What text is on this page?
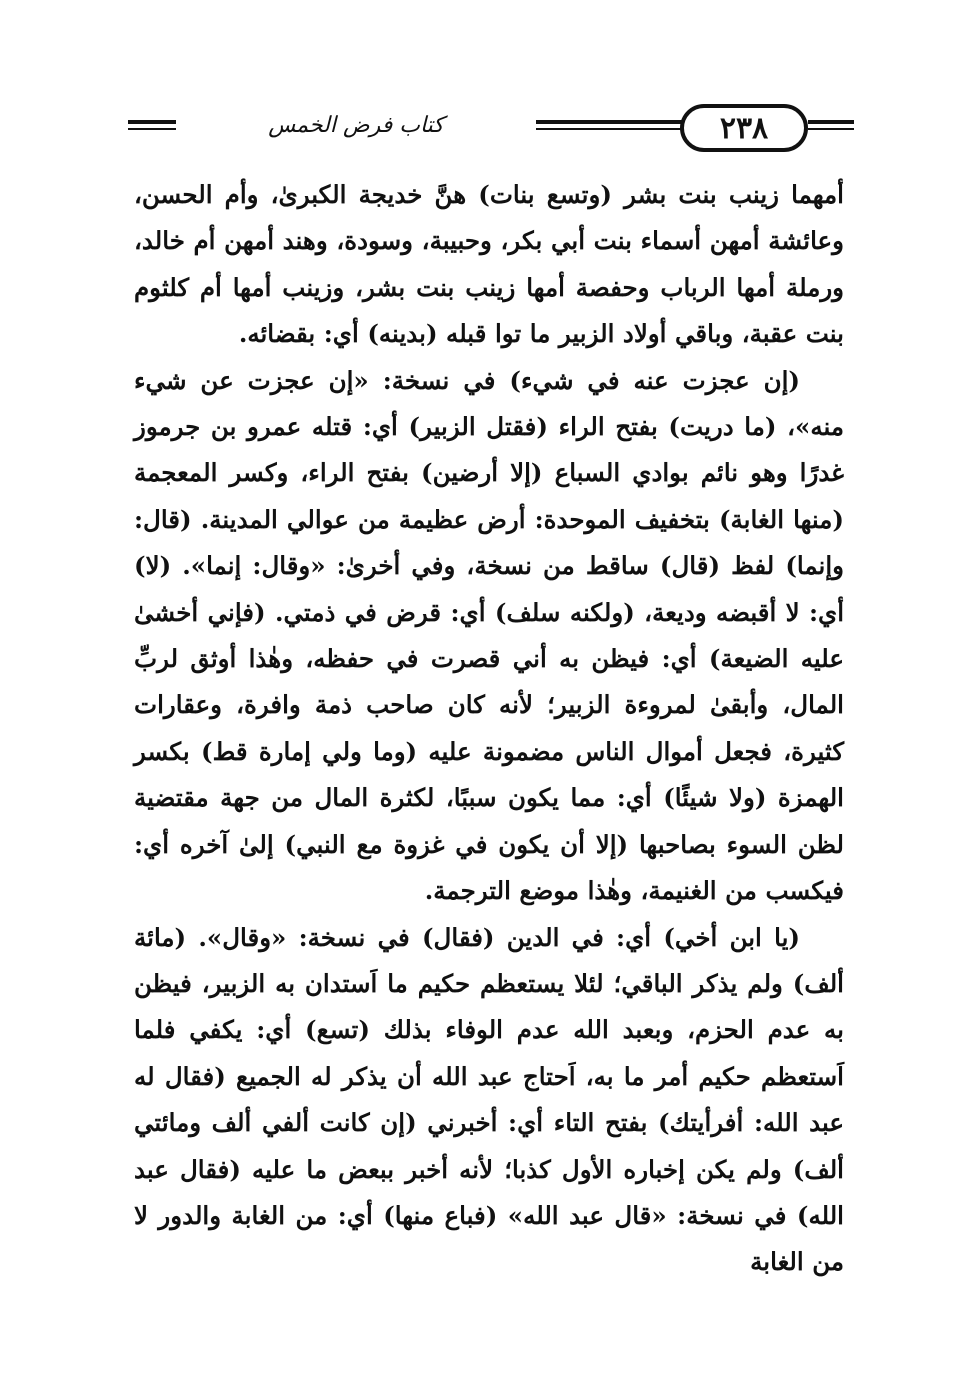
كتاب فرض الخمس	٢٣٨

أمهما زينب بنت بشر (وتسع بنات) هنَّ خديجة الكبرىٰ، وأم الحسن، وعائشة أمهن أسماء بنت أبي بكر، وحبيبة، وسودة، وهند أمهن أم خالد، ورملة أمها الرباب وحفصة أمها زينب بنت بشر، وزينب أمها أم كلثوم بنت عقبة، وباقي أولاد الزبير ما توا قبله (بدينه) أي: بقضائه.

(إن عجزت عنه في شيء) في نسخة: «إن عجزت عن شيء منه»، (ما دريت) بفتح الراء (فقتل الزبير) أي: قتله عمرو بن جرموز غدرًا وهو نائم بوادي السباع (إلا أرضين) بفتح الراء، وكسر المعجمة (منها الغابة) بتخفيف الموحدة: أرض عظيمة من عوالي المدينة. (قال: وإنما) لفظ (قال) ساقط من نسخة، وفي أخرىٰ: «وقال: إنما». (لا) أي: لا أقبضه وديعة، (ولكنه سلف) أي: قرض في ذمتي. (فإني أخشىٰ عليه الضيعة) أي: فيظن به أني قصرت في حفظه، وهٰذا أوثق لربِّ المال، وأبقىٰ لمروءة الزبير؛ لأنه كان صاحب ذمة وافرة، وعقارات كثيرة، فجعل أموال الناس مضمونة عليه (وما ولي إمارة قط) بكسر الهمزة (ولا شيئًا) أي: مما يكون سببًا، لكثرة المال من جهة مقتضية لظن السوء بصاحبها (إلا أن يكون في غزوة مع النبي) إلىٰ آخره أي: فيكسب من الغنيمة، وهٰذا موضع الترجمة.

(يا ابن أخي) أي: في الدين (فقال) في نسخة: «وقال». (مائة ألف) ولم يذكر الباقي؛ لئلا يستعظم حكيم ما اَستدان به الزبير، فيظن به عدم الحزم، وبعبد الله عدم الوفاء بذلك (تسع) أي: يكفي فلما اَستعظم حكيم أمر ما به، اَحتاج عبد الله أن يذكر له الجميع (فقال له عبد الله: أفرأيتك) بفتح التاء أي: أخبرني (إن كانت ألفي ألف ومائتي ألف) ولم يكن إخباره الأول كذبا؛ لأنه أخبر ببعض ما عليه (فقال عبد الله) في نسخة: «قال عبد الله» (فباع منها) أي: من الغابة والدور لا من الغابة
